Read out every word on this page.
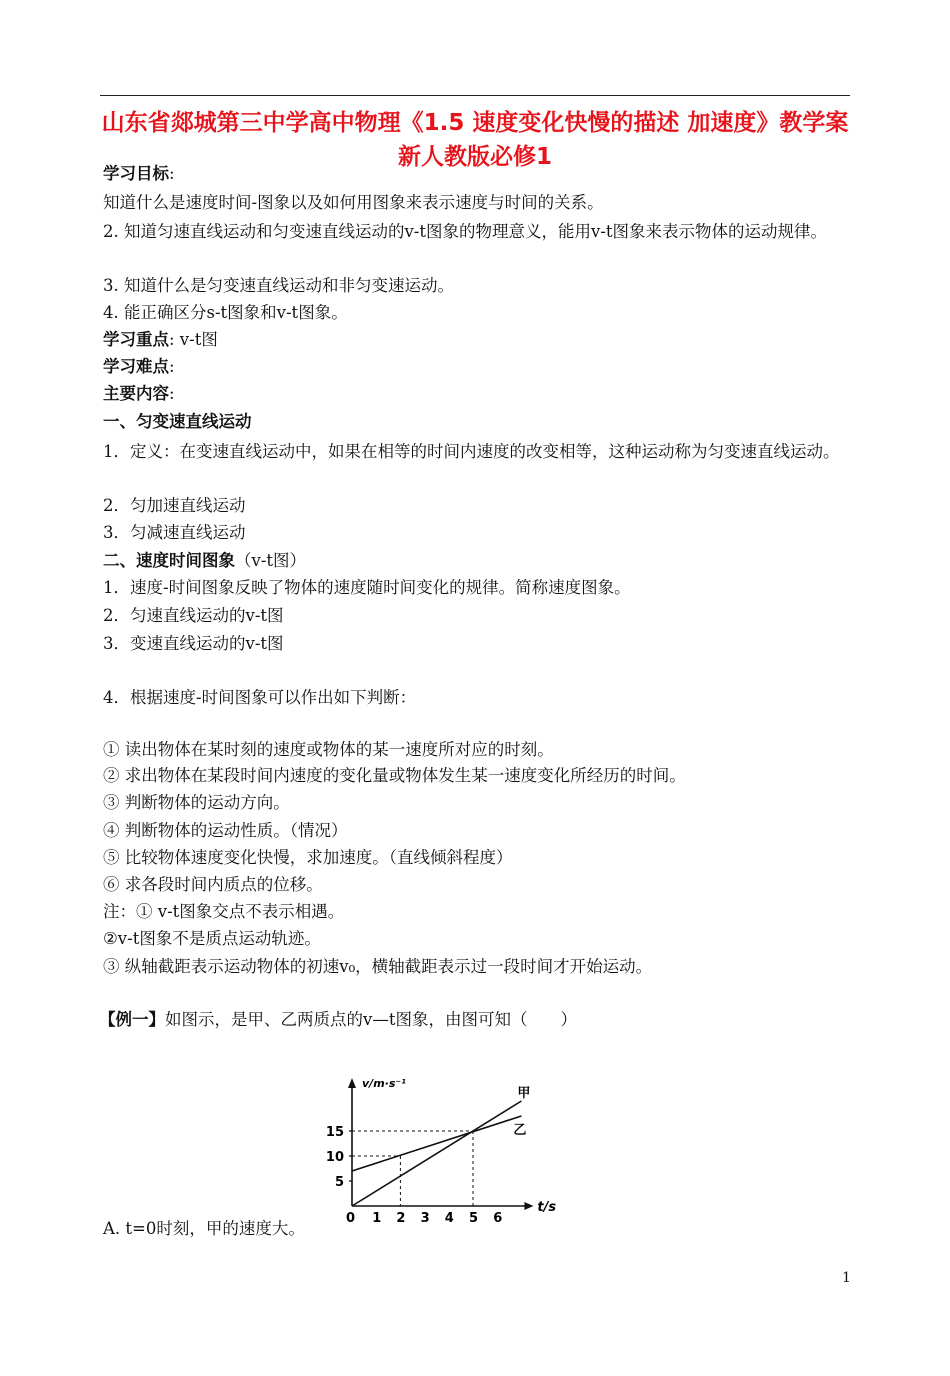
山东省郯城第三中学高中物理《1.5 速度变化快慢的描述 加速度》教学案 新人教版必修1
学习目标:
知道什么是速度时间-图象以及如何用图象来表示速度与时间的关系。
2. 知道匀速直线运动和匀变速直线运动的v-t图象的物理意义，能用v-t图象来表示物体的运动规律。
3. 知道什么是匀变速直线运动和非匀变速运动。
4. 能正确区分s-t图象和v-t图象。
学习重点: v-t图
学习难点:
主要内容:
一、匀变速直线运动
1．定义：在变速直线运动中，如果在相等的时间内速度的改变相等，这种运动称为匀变速直线运动。
2．匀加速直线运动
3．匀减速直线运动
二、速度时间图象（v-t图）
1．速度-时间图象反映了物体的速度随时间变化的规律。简称速度图象。
2．匀速直线运动的v-t图
3．变速直线运动的v-t图
4．根据速度-时间图象可以作出如下判断：
① 读出物体在某时刻的速度或物体的某一速度所对应的时刻。
② 求出物体在某段时间内速度的变化量或物体发生某一速度变化所经历的时间。
③ 判断物体的运动方向。
④ 判断物体的运动性质。（情况）
⑤ 比较物体速度变化快慢，求加速度。（直线倾斜程度）
⑥ 求各段时间内质点的位移。
注：① v-t图象交点不表示相遇。
②v-t图象不是质点运动轨迹。
③ 纵轴截距表示运动物体的初速v₀，横轴截距表示过一段时间才开始运动。
【例一】如图示，是甲、乙两质点的v—t图象，由图可知（　　）
A. t=0时刻，甲的速度大。
v/m·s⁻¹
t/s
0 1 2 3 4 5 6
5
10
15
甲
乙
1
